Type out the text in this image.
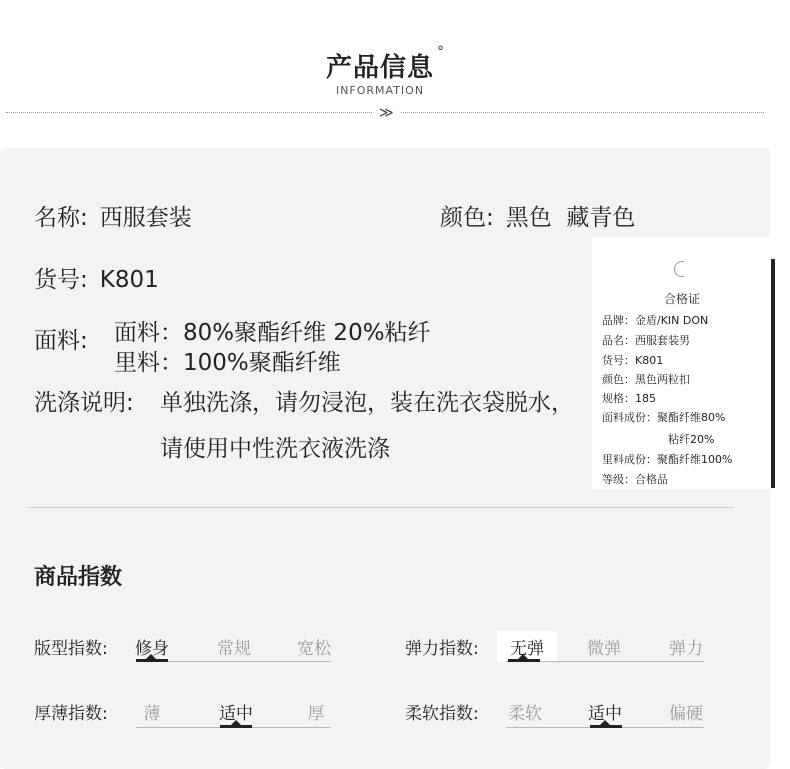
产品信息
°
INFORMATION
≫
名称: 西服套装	颜色: 黑色  藏青色
货号: K801
面料: 面料：80%聚酯纤维 20%粘纤
里料：100%聚酯纤维
洗涤说明: 单独洗涤，请勿浸泡，装在洗衣袋脱水，
请使用中性洗衣液洗涤
合格证
品牌：金盾/KIN DON
品名：西服套装男
货号：K801
颜色：黑色两粒扣
规格：185
面料成份：聚酯纤维80%
粘纤20%
里料成份：聚酯纤维100%
等级：合格品
商品指数
版型指数:	修身	常规	宽松	弹力指数:	无弹	微弹	弹力
厚薄指数:	薄	适中	厚	柔软指数:	柔软	适中	偏硬
